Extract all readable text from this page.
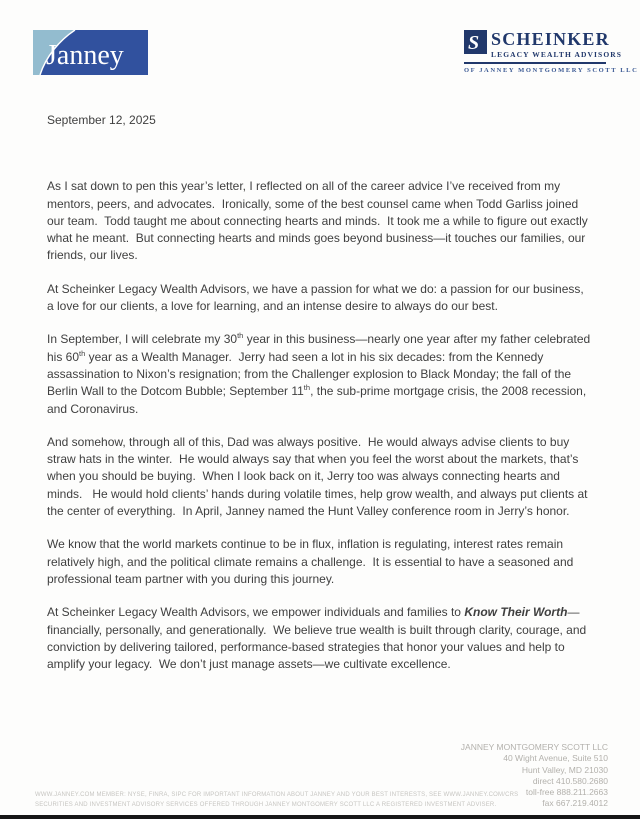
Janney	S SCHEINKER
LEGACY WEALTH ADVISORS
OF JANNEY MONTGOMERY SCOTT LLC
September 12, 2025

As I sat down to pen this year’s letter, I reflected on all of the career advice I’ve received from my mentors, peers, and advocates.  Ironically, some of the best counsel came when Todd Garliss joined our team.  Todd taught me about connecting hearts and minds.  It took me a while to figure out exactly what he meant.  But connecting hearts and minds goes beyond business—it touches our families, our friends, our lives.

At Scheinker Legacy Wealth Advisors, we have a passion for what we do: a passion for our business, a love for our clients, a love for learning, and an intense desire to always do our best.

In September, I will celebrate my 30th year in this business—nearly one year after my father celebrated his 60th year as a Wealth Manager.  Jerry had seen a lot in his six decades: from the Kennedy assassination to Nixon’s resignation; from the Challenger explosion to Black Monday; the fall of the Berlin Wall to the Dotcom Bubble; September 11th, the sub-prime mortgage crisis, the 2008 recession, and Coronavirus.

And somehow, through all of this, Dad was always positive.  He would always advise clients to buy straw hats in the winter.  He would always say that when you feel the worst about the markets, that’s when you should be buying.  When I look back on it, Jerry too was always connecting hearts and minds.   He would hold clients’ hands during volatile times, help grow wealth, and always put clients at the center of everything.  In April, Janney named the Hunt Valley conference room in Jerry’s honor.

We know that the world markets continue to be in flux, inflation is regulating, interest rates remain relatively high, and the political climate remains a challenge.  It is essential to have a seasoned and professional team partner with you during this journey.

At Scheinker Legacy Wealth Advisors, we empower individuals and families to Know Their Worth—financially, personally, and generationally.  We believe true wealth is built through clarity, courage, and conviction by delivering tailored, performance-based strategies that honor your values and help to amplify your legacy.  We don’t just manage assets—we cultivate excellence.

JANNEY MONTGOMERY SCOTT LLC
40 Wight Avenue, Suite 510
Hunt Valley, MD 21030
direct 410.580.2680
toll-free 888.211.2663
fax 667.219.4012
WWW.JANNEY.COM MEMBER: NYSE, FINRA, SIPC FOR IMPORTANT INFORMATION ABOUT JANNEY AND YOUR BEST INTERESTS, SEE WWW.JANNEY.COM/CRS
SECURITIES AND INVESTMENT ADVISORY SERVICES OFFERED THROUGH JANNEY MONTGOMERY SCOTT LLC A REGISTERED INVESTMENT ADVISER.
